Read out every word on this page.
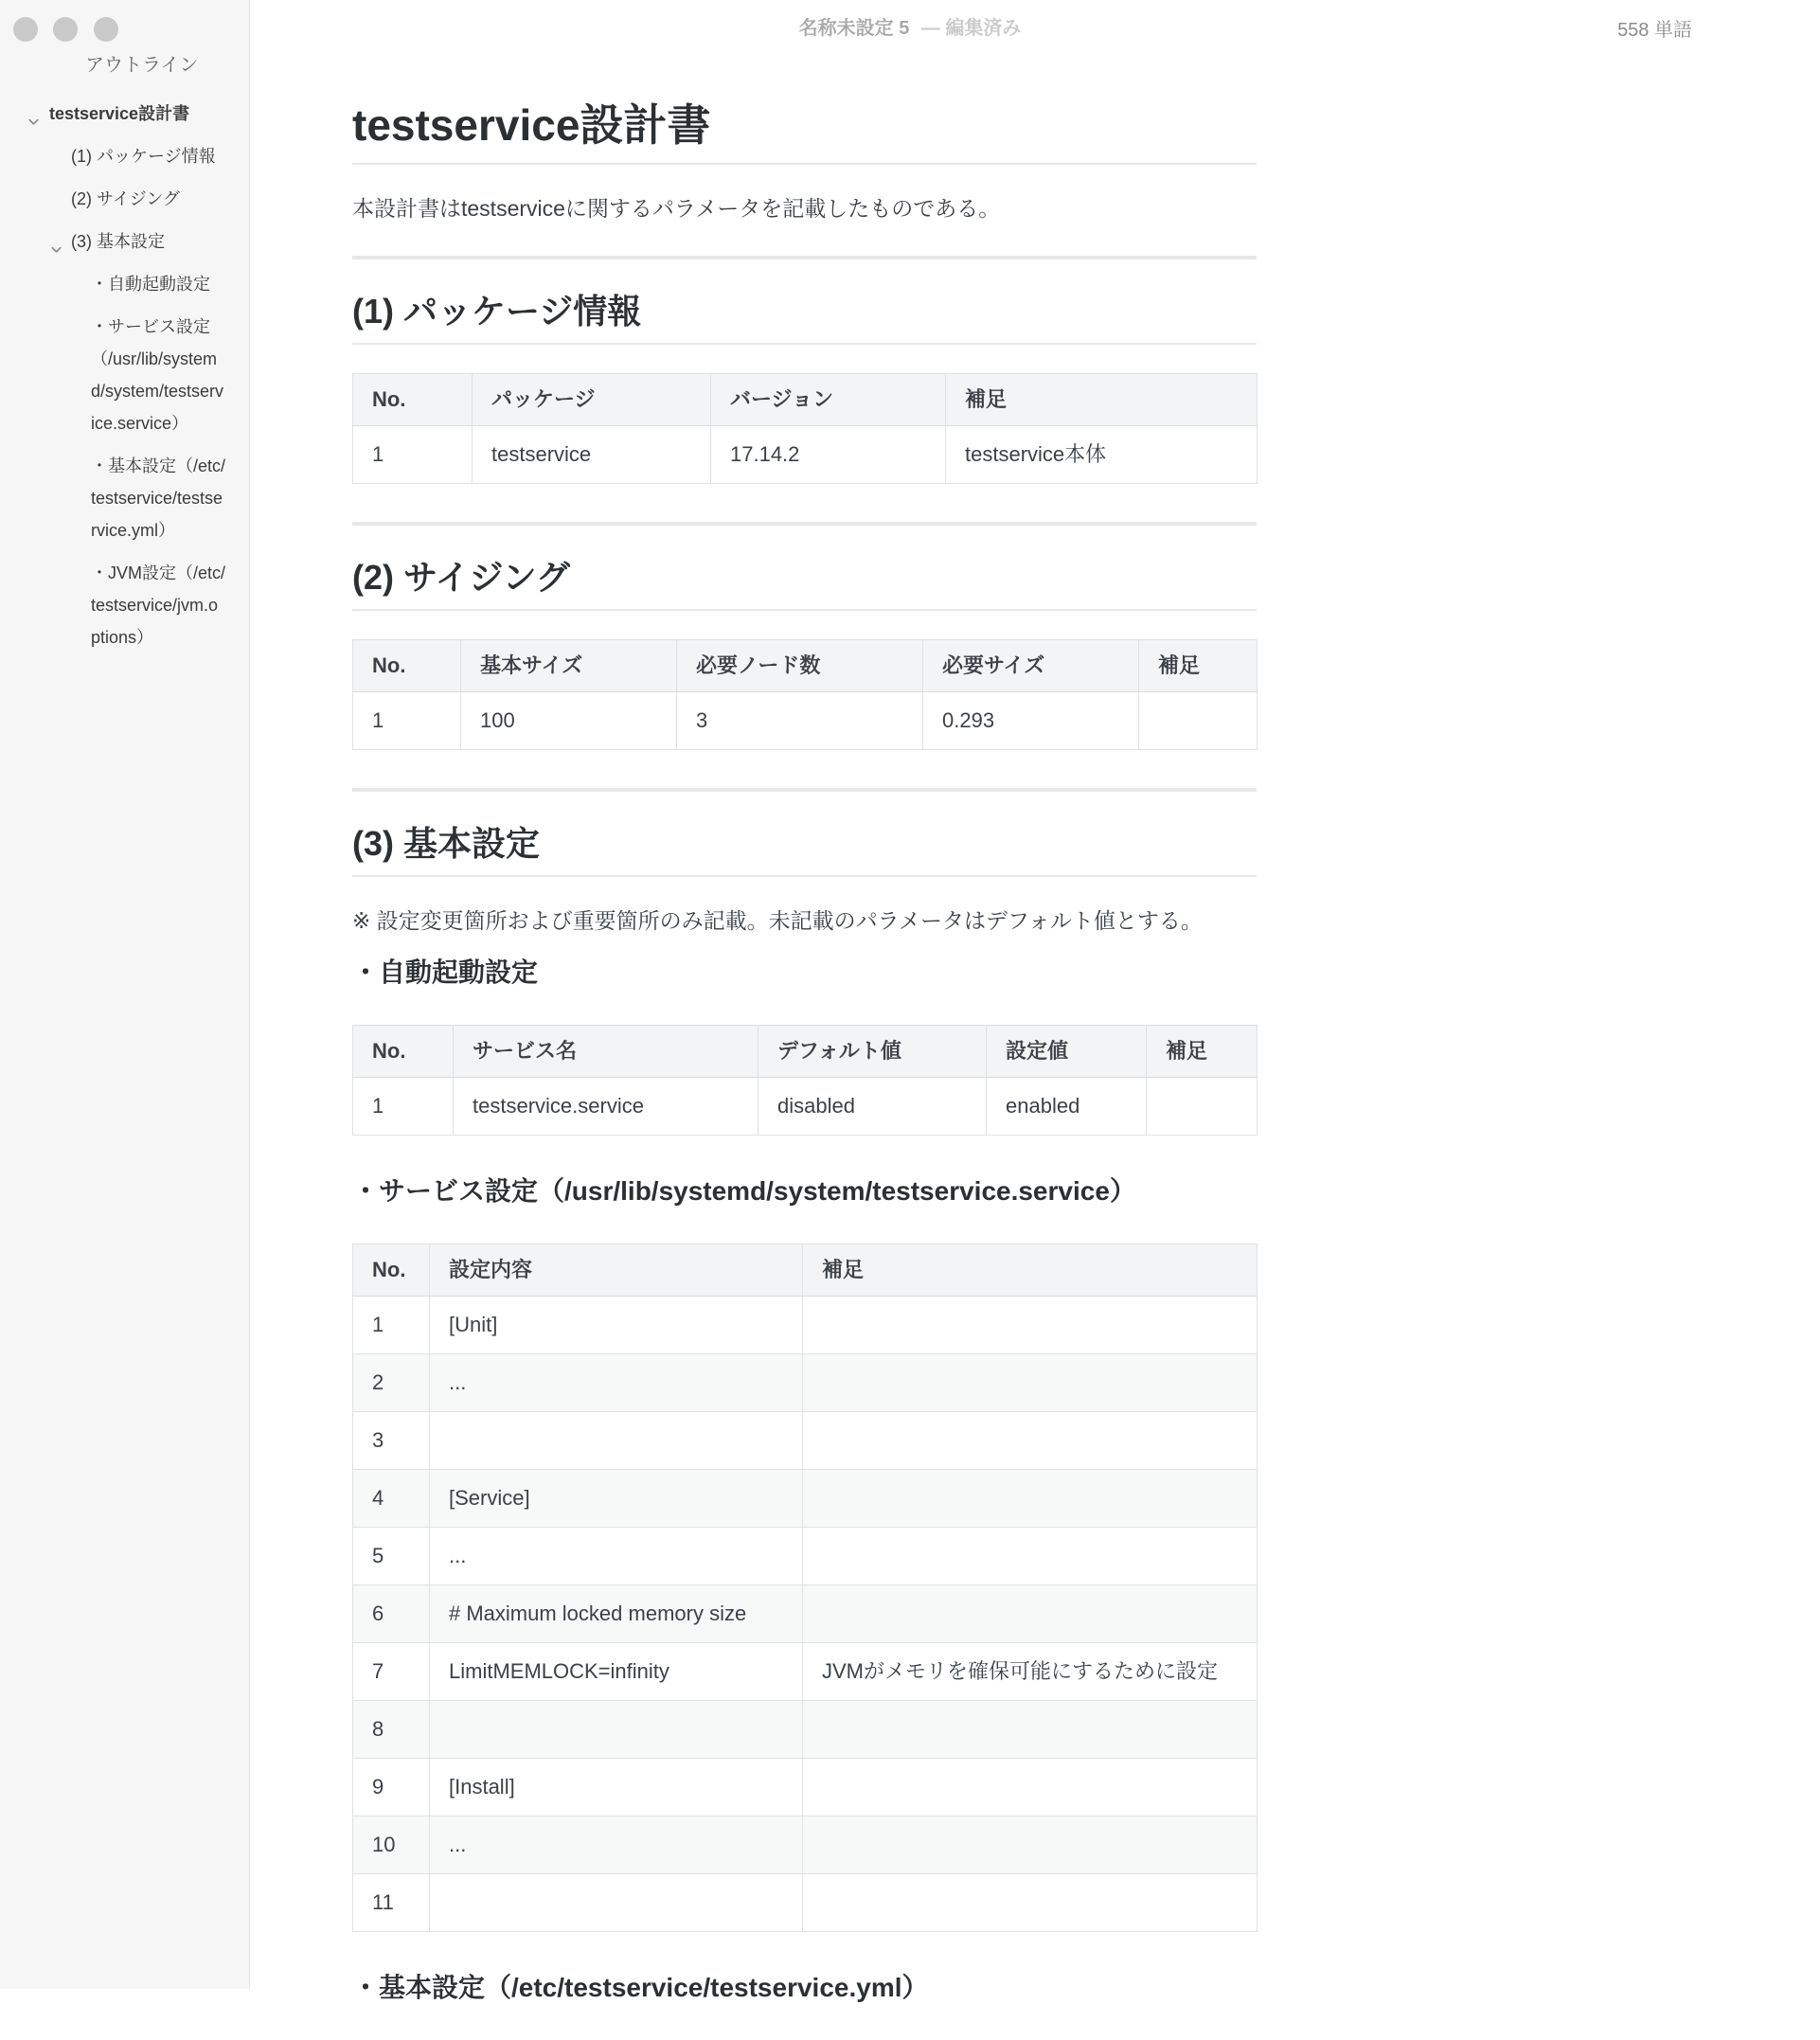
アウトライン
testservice設計書
(1) パッケージ情報
(2) サイジング
(3) 基本設定
・自動起動設定
・サービス設定（/usr/lib/systemd/system/testservice.service）
・基本設定（/etc/testservice/testservice.yml）
・JVM設定（/etc/testservice/jvm.options）
名称未設定 5 — 編集済み	558 単語
testservice設計書

本設計書はtestserviceに関するパラメータを記載したものである。

(1) パッケージ情報
No.	パッケージ	バージョン	補足
1	testservice	17.14.2	testservice本体
(2) サイジング
No.	基本サイズ	必要ノード数	必要サイズ	補足
1	100	3	0.293	
(3) 基本設定

※ 設定変更箇所および重要箇所のみ記載。未記載のパラメータはデフォルト値とする。

・自動起動設定
No.	サービス名	デフォルト値	設定値	補足
1	testservice.service	disabled	enabled	
・サービス設定（/usr/lib/systemd/system/testservice.service）
No.	設定内容	補足
1	[Unit]	
2	...	
3		
4	[Service]	
5	...	
6	# Maximum locked memory size	
7	LimitMEMLOCK=infinity	JVMがメモリを確保可能にするために設定
8		
9	[Install]	
10	...	
11		
・基本設定（/etc/testservice/testservice.yml）
